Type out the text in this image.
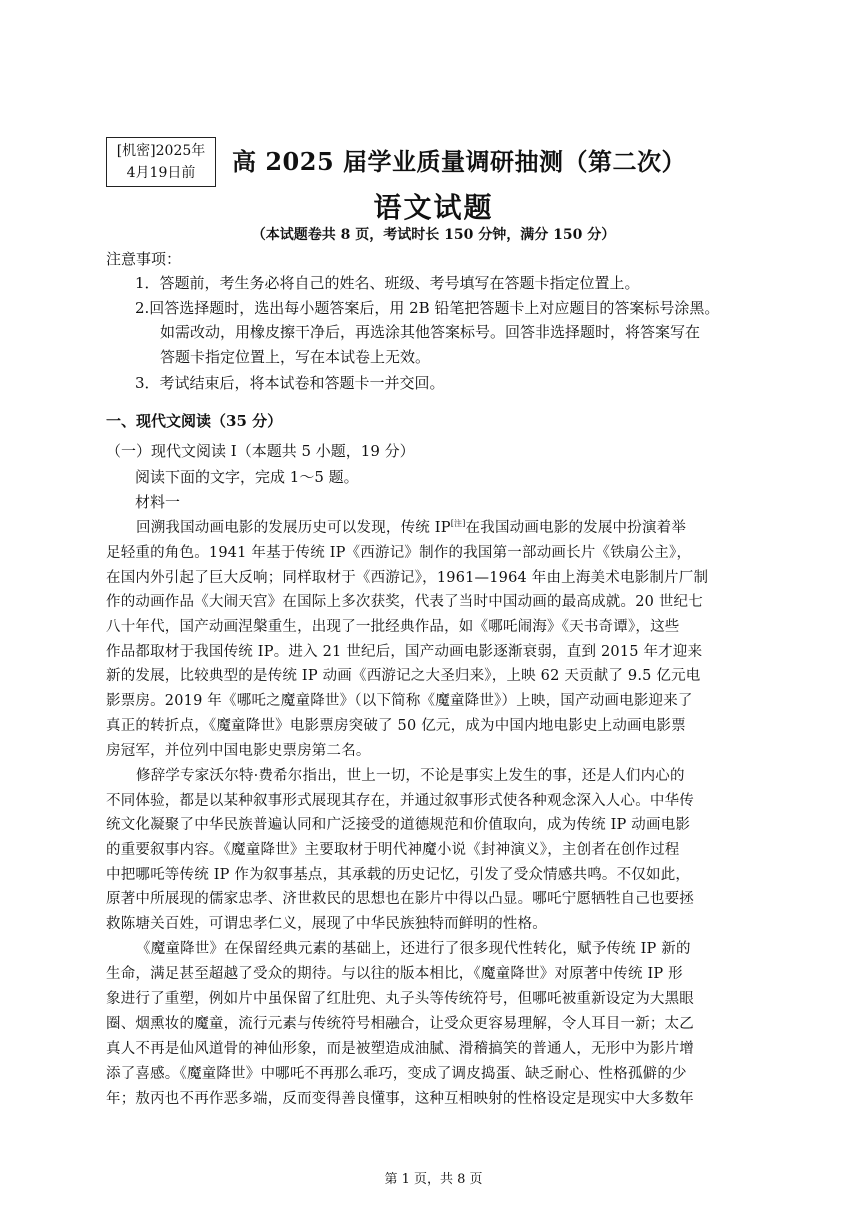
[机密]2025年
4月19日前	高 2025 届学业质量调研抽测（第二次）
语文试题
（本试题卷共 8 页，考试时长 150 分钟，满分 150 分）
注意事项：
1．答题前，考生务必将自己的姓名、班级、考号填写在答题卡指定位置上。
2.回答选择题时，选出每小题答案后，用 2B 铅笔把答题卡上对应题目的答案标号涂黑。
如需改动，用橡皮擦干净后，再选涂其他答案标号。回答非选择题时，将答案写在
答题卡指定位置上，写在本试卷上无效。
3．考试结束后，将本试卷和答题卡一并交回。
一、现代文阅读（35 分）
（一）现代文阅读 I（本题共 5 小题，19 分）
阅读下面的文字，完成 1～5 题。
材料一
回溯我国动画电影的发展历史可以发现，传统 IP[注]在我国动画电影的发展中扮演着举
足轻重的角色。1941 年基于传统 IP《西游记》制作的我国第一部动画长片《铁扇公主》，
在国内外引起了巨大反响；同样取材于《西游记》，1961—1964 年由上海美术电影制片厂制
作的动画作品《大闹天宫》在国际上多次获奖，代表了当时中国动画的最高成就。20 世纪七
八十年代，国产动画涅槃重生，出现了一批经典作品，如《哪吒闹海》《天书奇谭》，这些
作品都取材于我国传统 IP。进入 21 世纪后，国产动画电影逐渐衰弱，直到 2015 年才迎来
新的发展，比较典型的是传统 IP 动画《西游记之大圣归来》，上映 62 天贡献了 9.5 亿元电
影票房。2019 年《哪吒之魔童降世》（以下简称《魔童降世》）上映，国产动画电影迎来了
真正的转折点，《魔童降世》电影票房突破了 50 亿元，成为中国内地电影史上动画电影票
房冠军，并位列中国电影史票房第二名。
修辞学专家沃尔特·费希尔指出，世上一切，不论是事实上发生的事，还是人们内心的
不同体验，都是以某种叙事形式展现其存在，并通过叙事形式使各种观念深入人心。中华传
统文化凝聚了中华民族普遍认同和广泛接受的道德规范和价值取向，成为传统 IP 动画电影
的重要叙事内容。《魔童降世》主要取材于明代神魔小说《封神演义》，主创者在创作过程
中把哪吒等传统 IP 作为叙事基点，其承载的历史记忆，引发了受众情感共鸣。不仅如此，
原著中所展现的儒家忠孝、济世救民的思想也在影片中得以凸显。哪吒宁愿牺牲自己也要拯
救陈塘关百姓，可谓忠孝仁义，展现了中华民族独特而鲜明的性格。
《魔童降世》在保留经典元素的基础上，还进行了很多现代性转化，赋予传统 IP 新的
生命，满足甚至超越了受众的期待。与以往的版本相比，《魔童降世》对原著中传统 IP 形
象进行了重塑，例如片中虽保留了红肚兜、丸子头等传统符号，但哪吒被重新设定为大黑眼
圈、烟熏妆的魔童，流行元素与传统符号相融合，让受众更容易理解，令人耳目一新；太乙
真人不再是仙风道骨的神仙形象，而是被塑造成油腻、滑稽搞笑的普通人，无形中为影片增
添了喜感。《魔童降世》中哪吒不再那么乖巧，变成了调皮捣蛋、缺乏耐心、性格孤僻的少
年；敖丙也不再作恶多端，反而变得善良懂事，这种互相映射的性格设定是现实中大多数年
第 1 页，共 8 页
